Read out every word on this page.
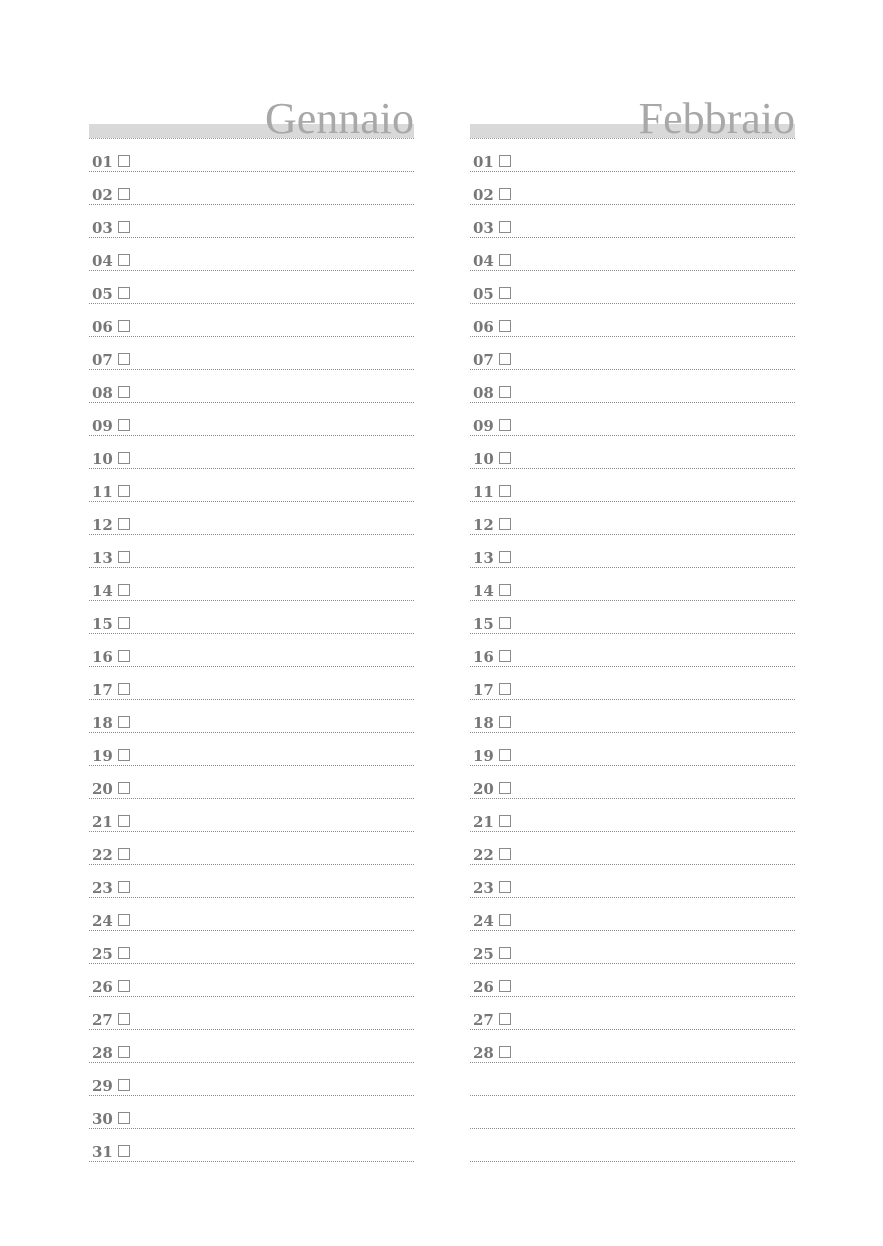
Gennaio
01
02
03
04
05
06
07
08
09
10
11
12
13
14
15
16
17
18
19
20
21
22
23
24
25
26
27
28
29
30
31
Febbraio
01
02
03
04
05
06
07
08
09
10
11
12
13
14
15
16
17
18
19
20
21
22
23
24
25
26
27
28
